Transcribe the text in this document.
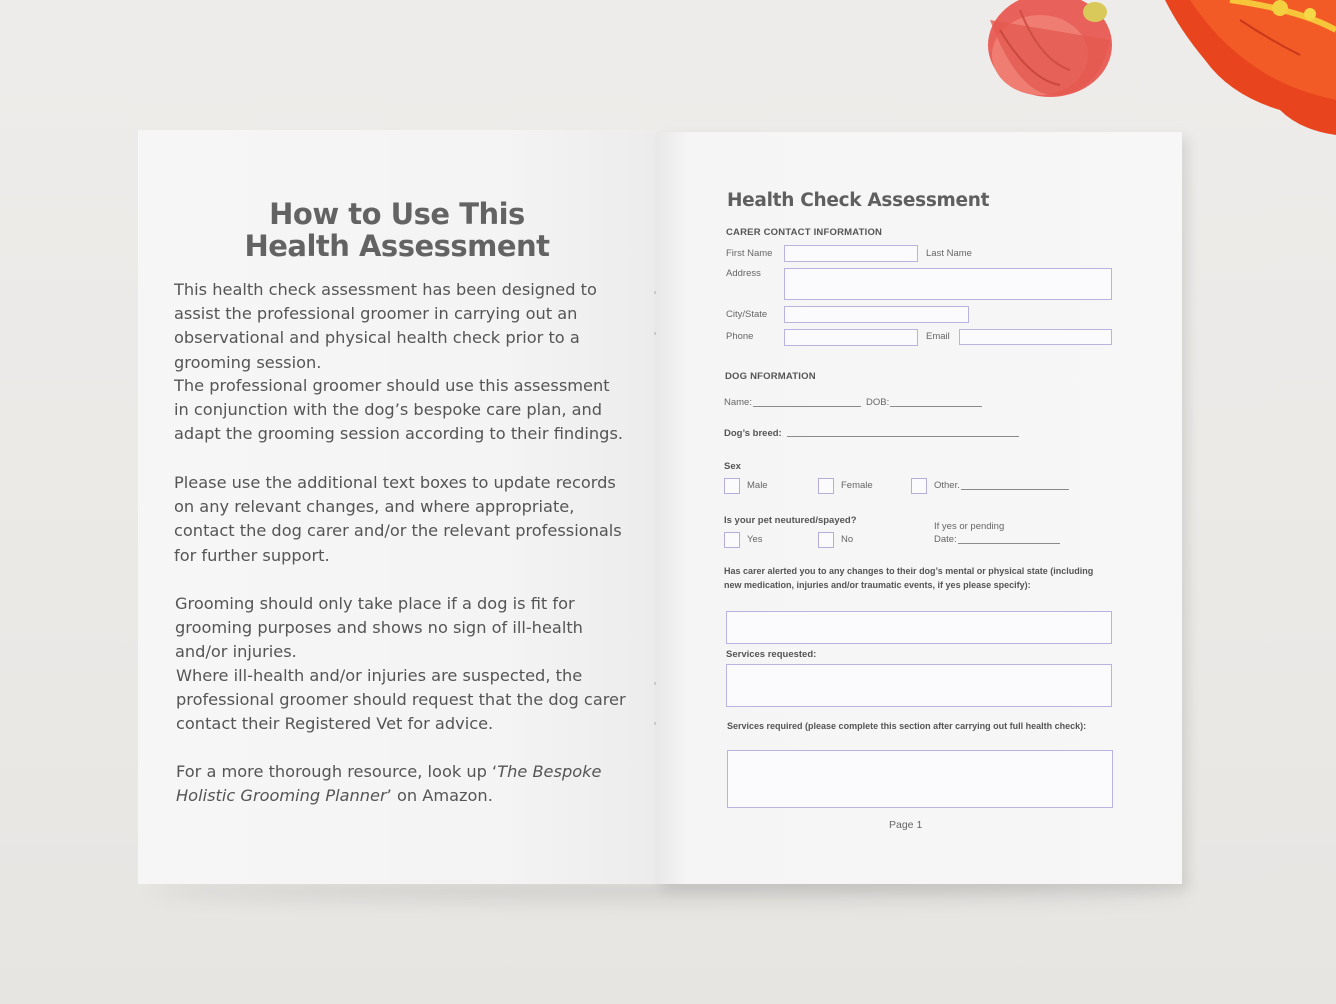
How to Use This Health Assessment
This health check assessment has been designed to assist the professional groomer in carrying out an observational and physical health check prior to a grooming session.
The professional groomer should use this assessment in conjunction with the dog’s bespoke care plan, and adapt the grooming session according to their findings.
Please use the additional text boxes to update records on any relevant changes, and where appropriate, contact the dog carer and/or the relevant professionals for further support.
Grooming should only take place if a dog is fit for grooming purposes and shows no sign of ill-health and/or injuries.
Where ill-health and/or injuries are suspected, the professional groomer should request that the dog carer contact their Registered Vet for advice.
For a more thorough resource, look up ‘The Bespoke Holistic Grooming Planner’ on Amazon.
Health Check Assessment
CARER CONTACT INFORMATION
First Name	Last Name
Address
City/State
Phone	Email
DOG NFORMATION
Name:	DOB:
Dog’s breed:
Sex
Male	Female	Other.
Is your pet neutured/spayed?
If yes or pending
Yes	No	Date:
Has carer alerted you to any changes to their dog’s mental or physical state (including new medication, injuries and/or traumatic events, if yes please specify):
Services requested:
Services required (please complete this section after carrying out full health check):
Page 1
